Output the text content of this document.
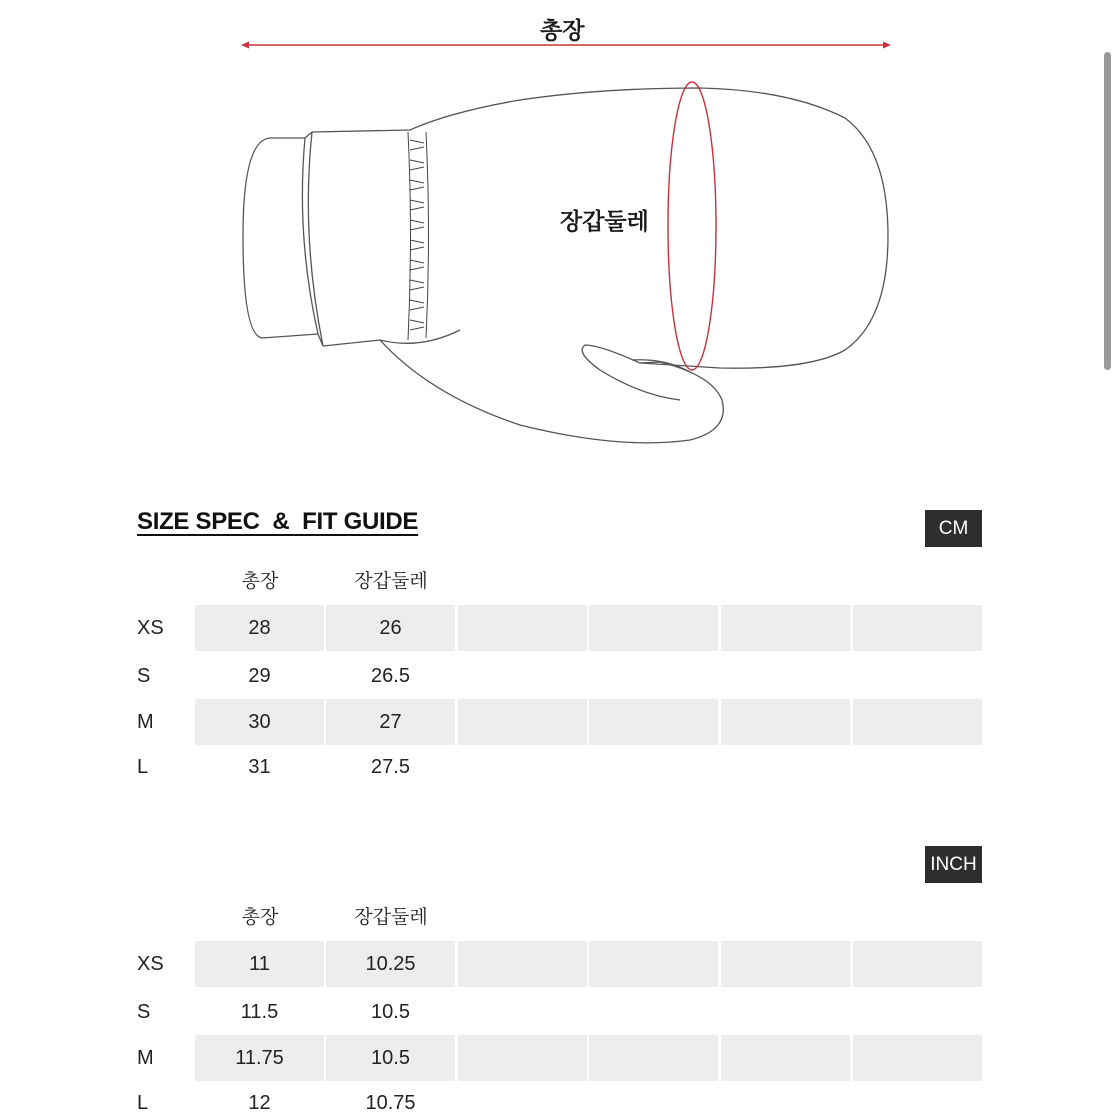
총장
장갑둘레
SIZE SPEC  &  FIT GUIDE	CM
총장	장갑둘레
XS	28	26
S	29	26.5
M	30	27
L	31	27.5
INCH
총장	장갑둘레
XS	11	10.25
S	11.5	10.5
M	11.75	10.5
L	12	10.75
